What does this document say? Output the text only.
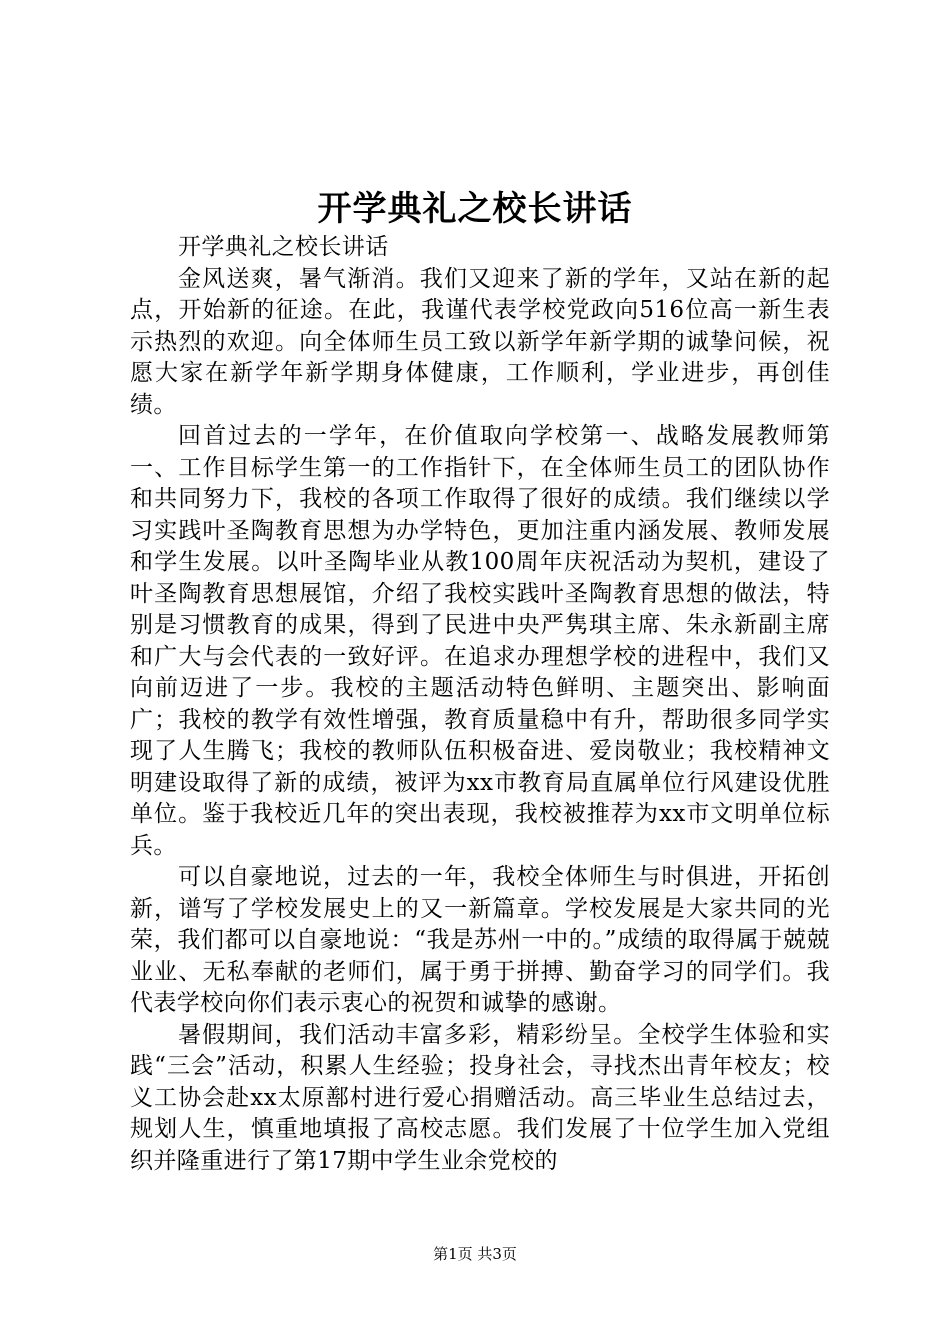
开学典礼之校长讲话

开学典礼之校长讲话

金风送爽，暑气渐消。我们又迎来了新的学年，又站在新的起点，开始新的征途。在此，我谨代表学校党政向516位高一新生表示热烈的欢迎。向全体师生员工致以新学年新学期的诚挚问候，祝愿大家在新学年新学期身体健康，工作顺利，学业进步，再创佳绩。

回首过去的一学年，在价值取向学校第一、战略发展教师第一、工作目标学生第一的工作指针下，在全体师生员工的团队协作和共同努力下，我校的各项工作取得了很好的成绩。我们继续以学习实践叶圣陶教育思想为办学特色，更加注重内涵发展、教师发展和学生发展。以叶圣陶毕业从教100周年庆祝活动为契机，建设了叶圣陶教育思想展馆，介绍了我校实践叶圣陶教育思想的做法，特别是习惯教育的成果，得到了民进中央严隽琪主席、朱永新副主席和广大与会代表的一致好评。在追求办理想学校的进程中，我们又向前迈进了一步。我校的主题活动特色鲜明、主题突出、影响面广；我校的教学有效性增强，教育质量稳中有升，帮助很多同学实现了人生腾飞；我校的教师队伍积极奋进、爱岗敬业；我校精神文明建设取得了新的成绩，被评为xx市教育局直属单位行风建设优胜单位。鉴于我校近几年的突出表现，我校被推荐为xx市文明单位标兵。

可以自豪地说，过去的一年，我校全体师生与时俱进，开拓创新，谱写了学校发展史上的又一新篇章。学校发展是大家共同的光荣，我们都可以自豪地说：“我是苏州一中的。”成绩的取得属于兢兢业业、无私奉献的老师们，属于勇于拼搏、勤奋学习的同学们。我代表学校向你们表示衷心的祝贺和诚挚的感谢。

暑假期间，我们活动丰富多彩，精彩纷呈。全校学生体验和实践“三会”活动，积累人生经验；投身社会，寻找杰出青年校友；校义工协会赴xx太原鄯村进行爱心捐赠活动。高三毕业生总结过去，规划人生，慎重地填报了高校志愿。我们发展了十位学生加入党组织并隆重进行了第17期中学生业余党校的

第1页 共3页
